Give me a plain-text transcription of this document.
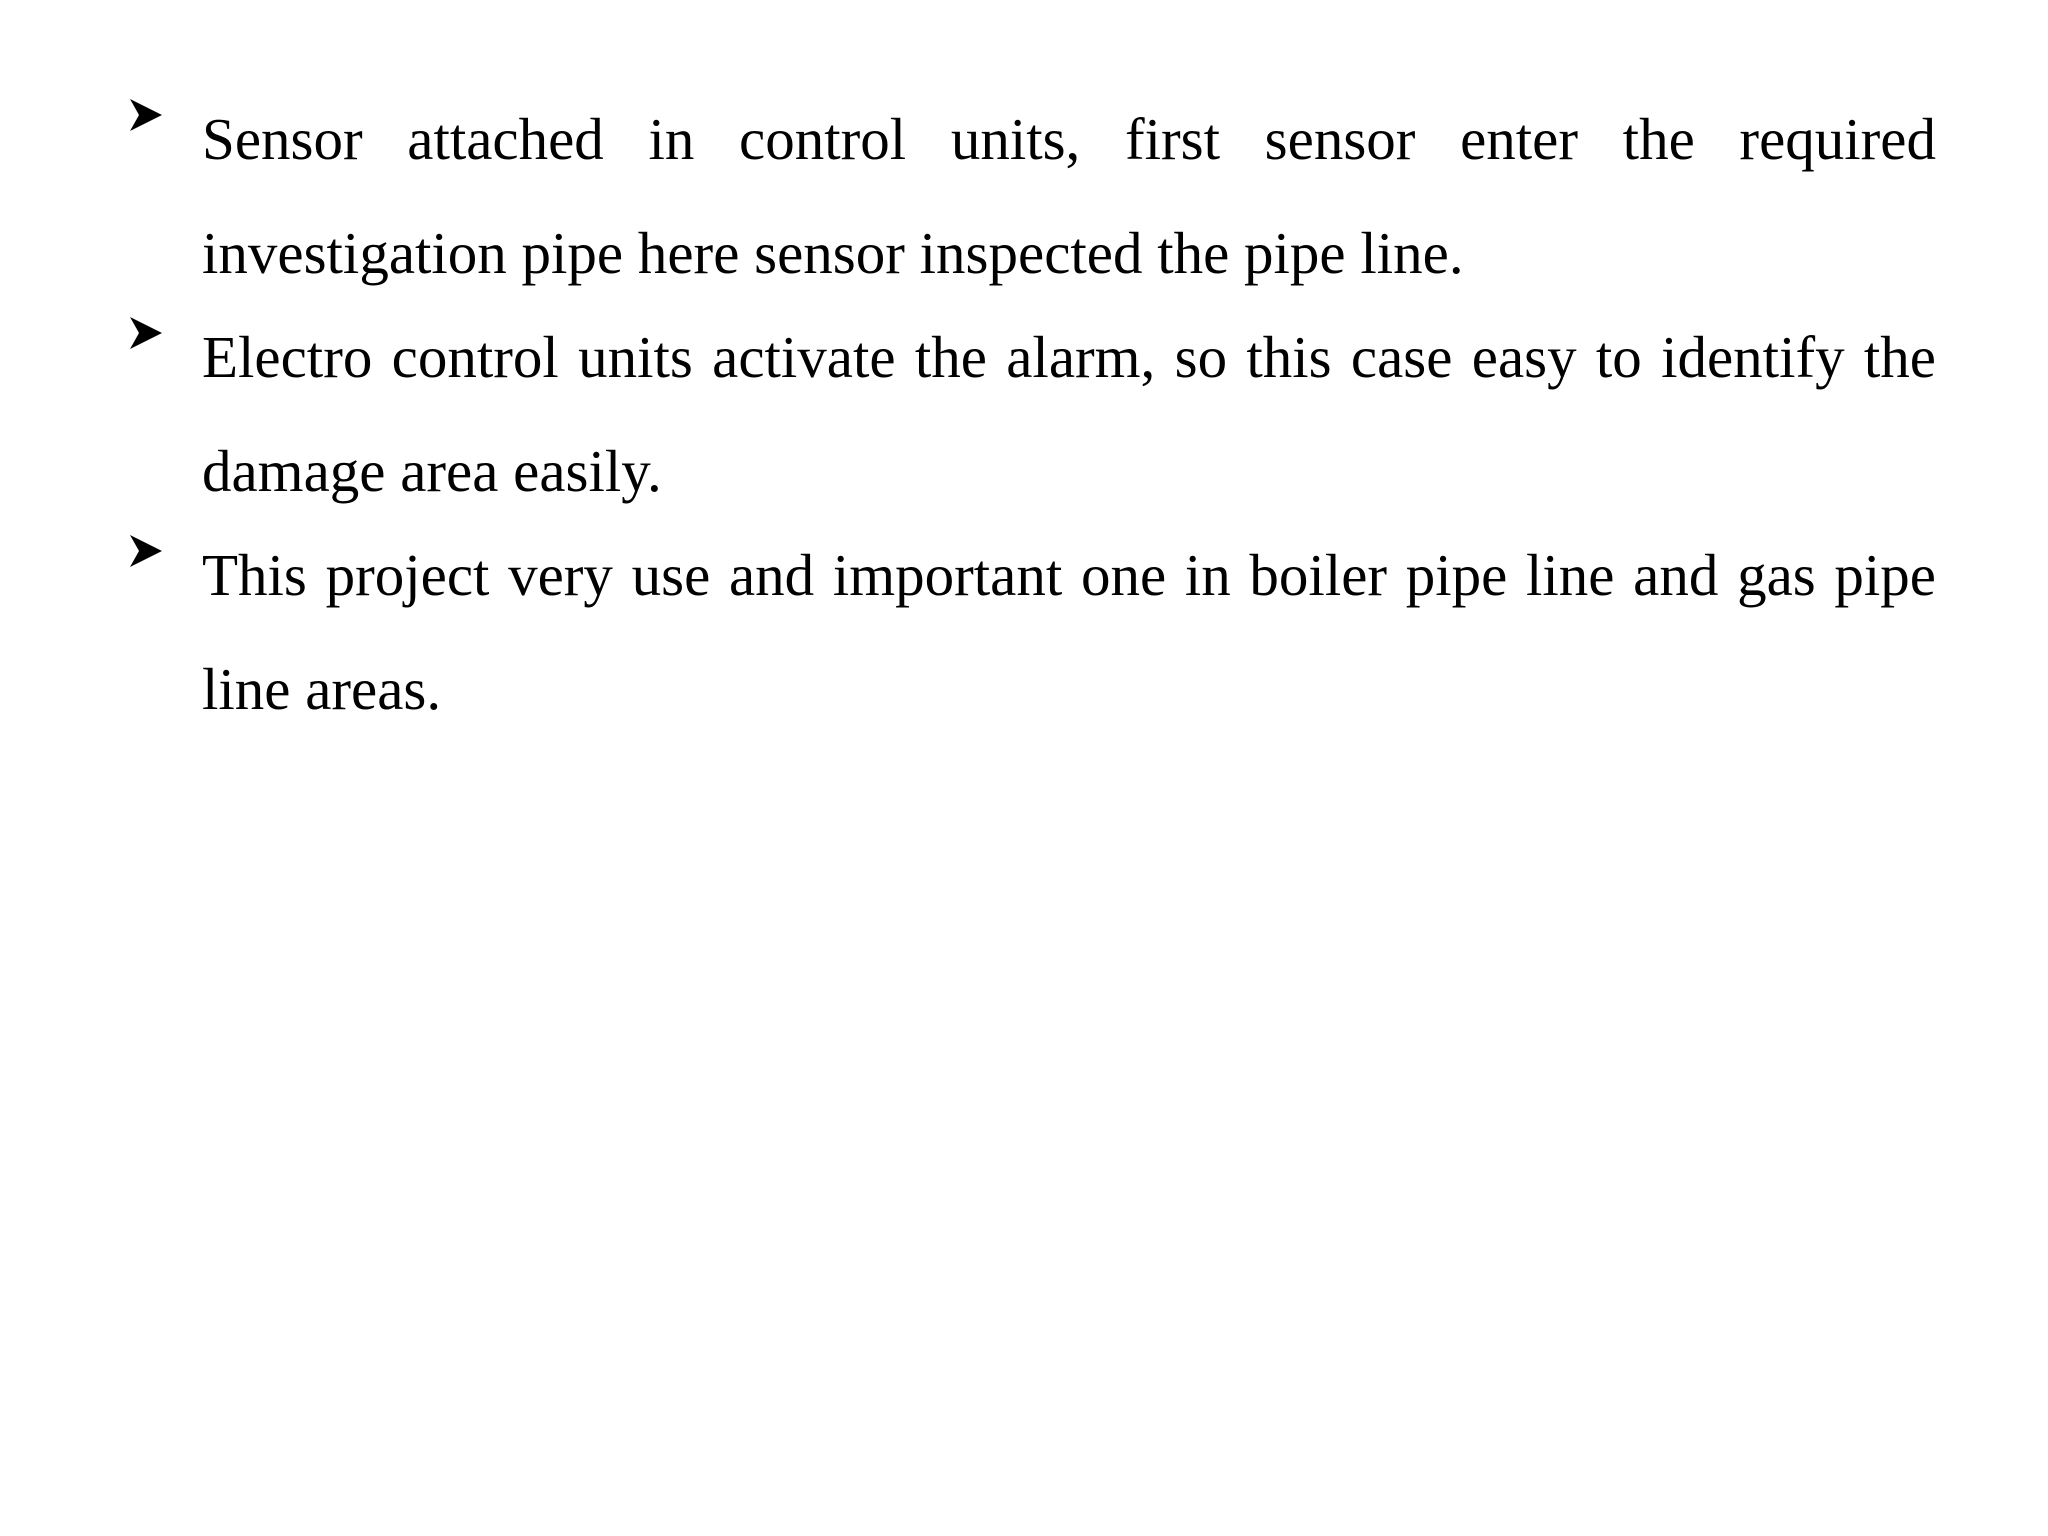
Sensor attached in control units, first sensor enter the required investigation pipe here sensor inspected the pipe line.
Electro control units activate the alarm, so this case easy to identify the damage area easily.
This project very use and important one in boiler pipe line and gas pipe line areas.
